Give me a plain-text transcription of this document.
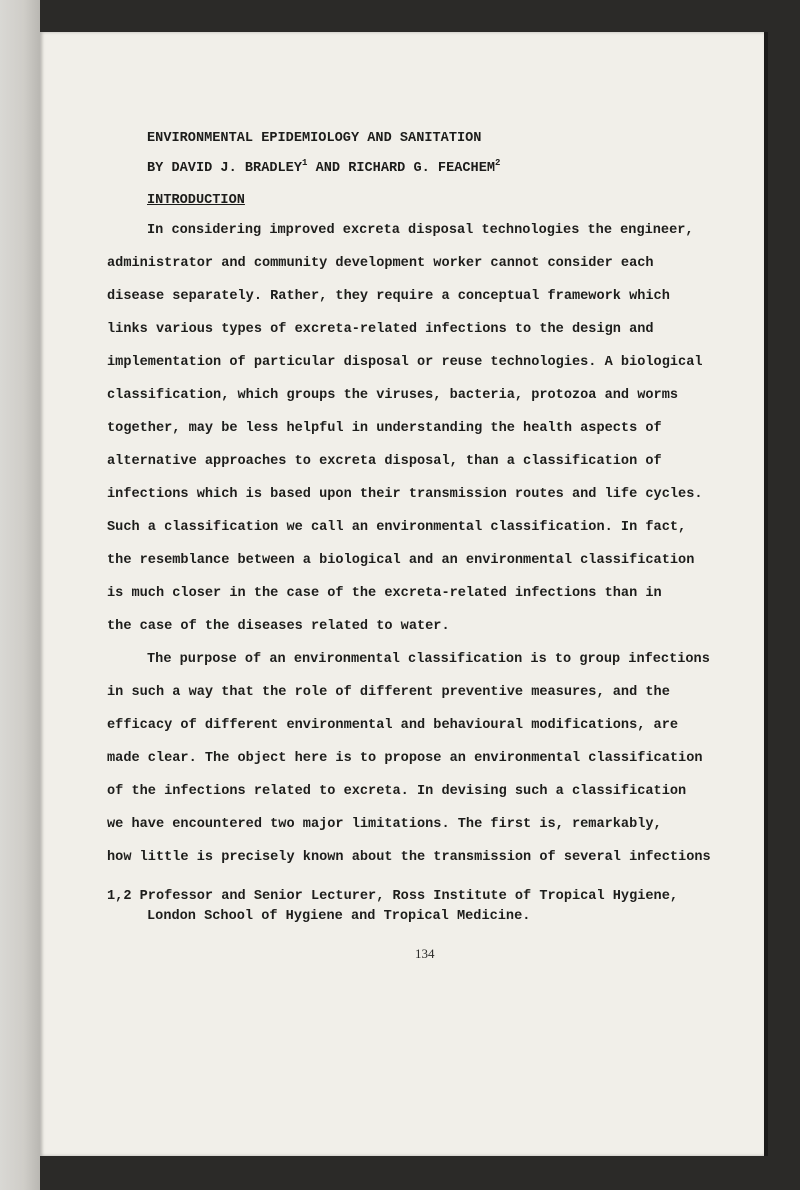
ENVIRONMENTAL EPIDEMIOLOGY AND SANITATION
BY DAVID J. BRADLEY$^1$ AND RICHARD G. FEACHEM$^2$
INTRODUCTION
In considering improved excreta disposal technologies the engineer,
administrator and community development worker cannot consider each
disease separately. Rather, they require a conceptual framework which
links various types of excreta-related infections to the design and
implementation of particular disposal or reuse technologies. A biological
classification, which groups the viruses, bacteria, protozoa and worms
together, may be less helpful in understanding the health aspects of
alternative approaches to excreta disposal, than a classification of
infections which is based upon their transmission routes and life cycles.
Such a classification we call an environmental classification. In fact,
the resemblance between a biological and an environmental classification
is much closer in the case of the excreta-related infections than in
the case of the diseases related to water.
The purpose of an environmental classification is to group infections
in such a way that the role of different preventive measures, and the
efficacy of different environmental and behavioural modifications, are
made clear. The object here is to propose an environmental classification
of the infections related to excreta. In devising such a classification
we have encountered two major limitations. The first is, remarkably,
how little is precisely known about the transmission of several infections
1,2 Professor and Senior Lecturer, Ross Institute of Tropical Hygiene,
London School of Hygiene and Tropical Medicine.
134
